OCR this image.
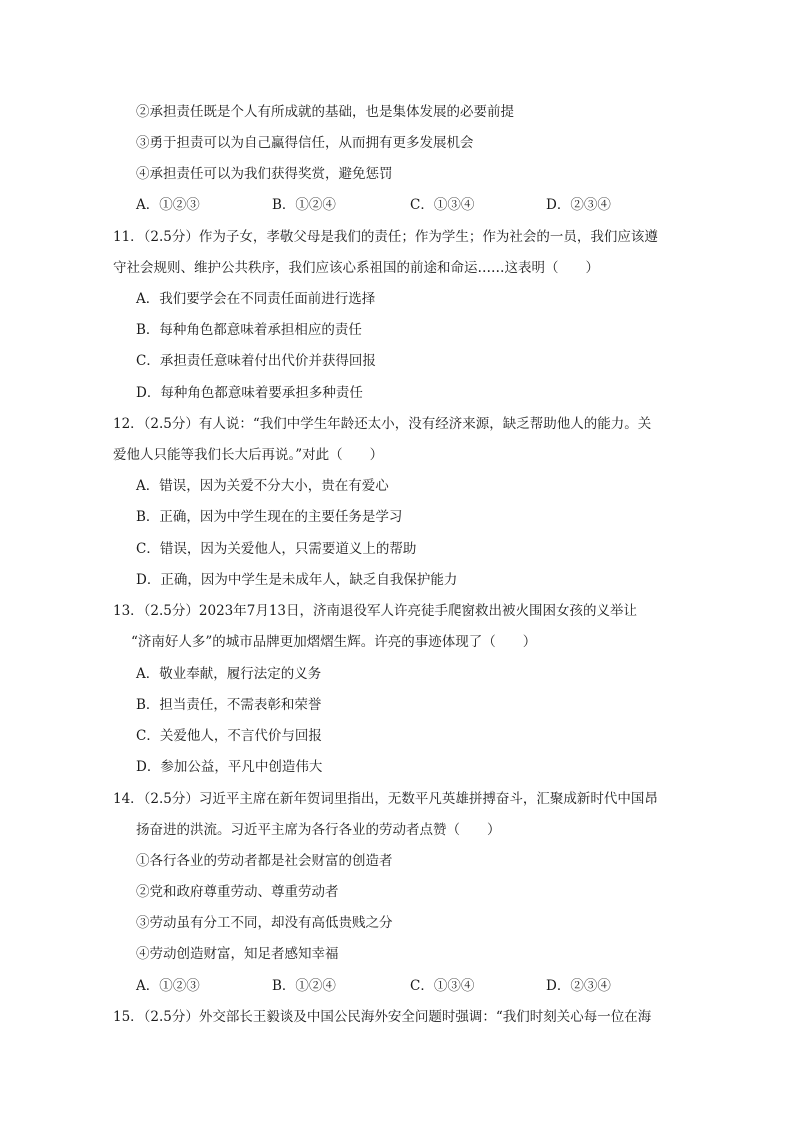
②承担责任既是个人有所成就的基础，也是集体发展的必要前提
③勇于担责可以为自己赢得信任，从而拥有更多发展机会
④承担责任可以为我们获得奖赏，避免惩罚
A．①②③	B．①②④	C．①③④	D．②③④
11．（2.5分）作为子女，孝敬父母是我们的责任；作为学生；作为社会的一员，我们应该遵
守社会规则、维护公共秩序，我们应该心系祖国的前途和命运……这表明（　　）
A．我们要学会在不同责任面前进行选择
B．每种角色都意味着承担相应的责任
C．承担责任意味着付出代价并获得回报
D．每种角色都意味着要承担多种责任
12．（2.5分）有人说：“我们中学生年龄还太小，没有经济来源，缺乏帮助他人的能力。关
爱他人只能等我们长大后再说。”对此（　　）
A．错误，因为关爱不分大小，贵在有爱心
B．正确，因为中学生现在的主要任务是学习
C．错误，因为关爱他人，只需要道义上的帮助
D．正确，因为中学生是未成年人，缺乏自我保护能力
13．（2.5分）2023年7月13日，济南退役军人许亮徒手爬窗救出被火围困女孩的义举让
“济南好人多”的城市品牌更加熠熠生辉。许亮的事迹体现了（　　）
A．敬业奉献，履行法定的义务
B．担当责任，不需表彰和荣誉
C．关爱他人，不言代价与回报
D．参加公益，平凡中创造伟大
14．（2.5分）习近平主席在新年贺词里指出，无数平凡英雄拼搏奋斗，汇聚成新时代中国昂
扬奋进的洪流。习近平主席为各行各业的劳动者点赞（　　）
①各行各业的劳动者都是社会财富的创造者
②党和政府尊重劳动、尊重劳动者
③劳动虽有分工不同，却没有高低贵贱之分
④劳动创造财富，知足者感知幸福
A．①②③	B．①②④	C．①③④	D．②③④
15．（2.5分）外交部长王毅谈及中国公民海外安全问题时强调：“我们时刻关心每一位在海
